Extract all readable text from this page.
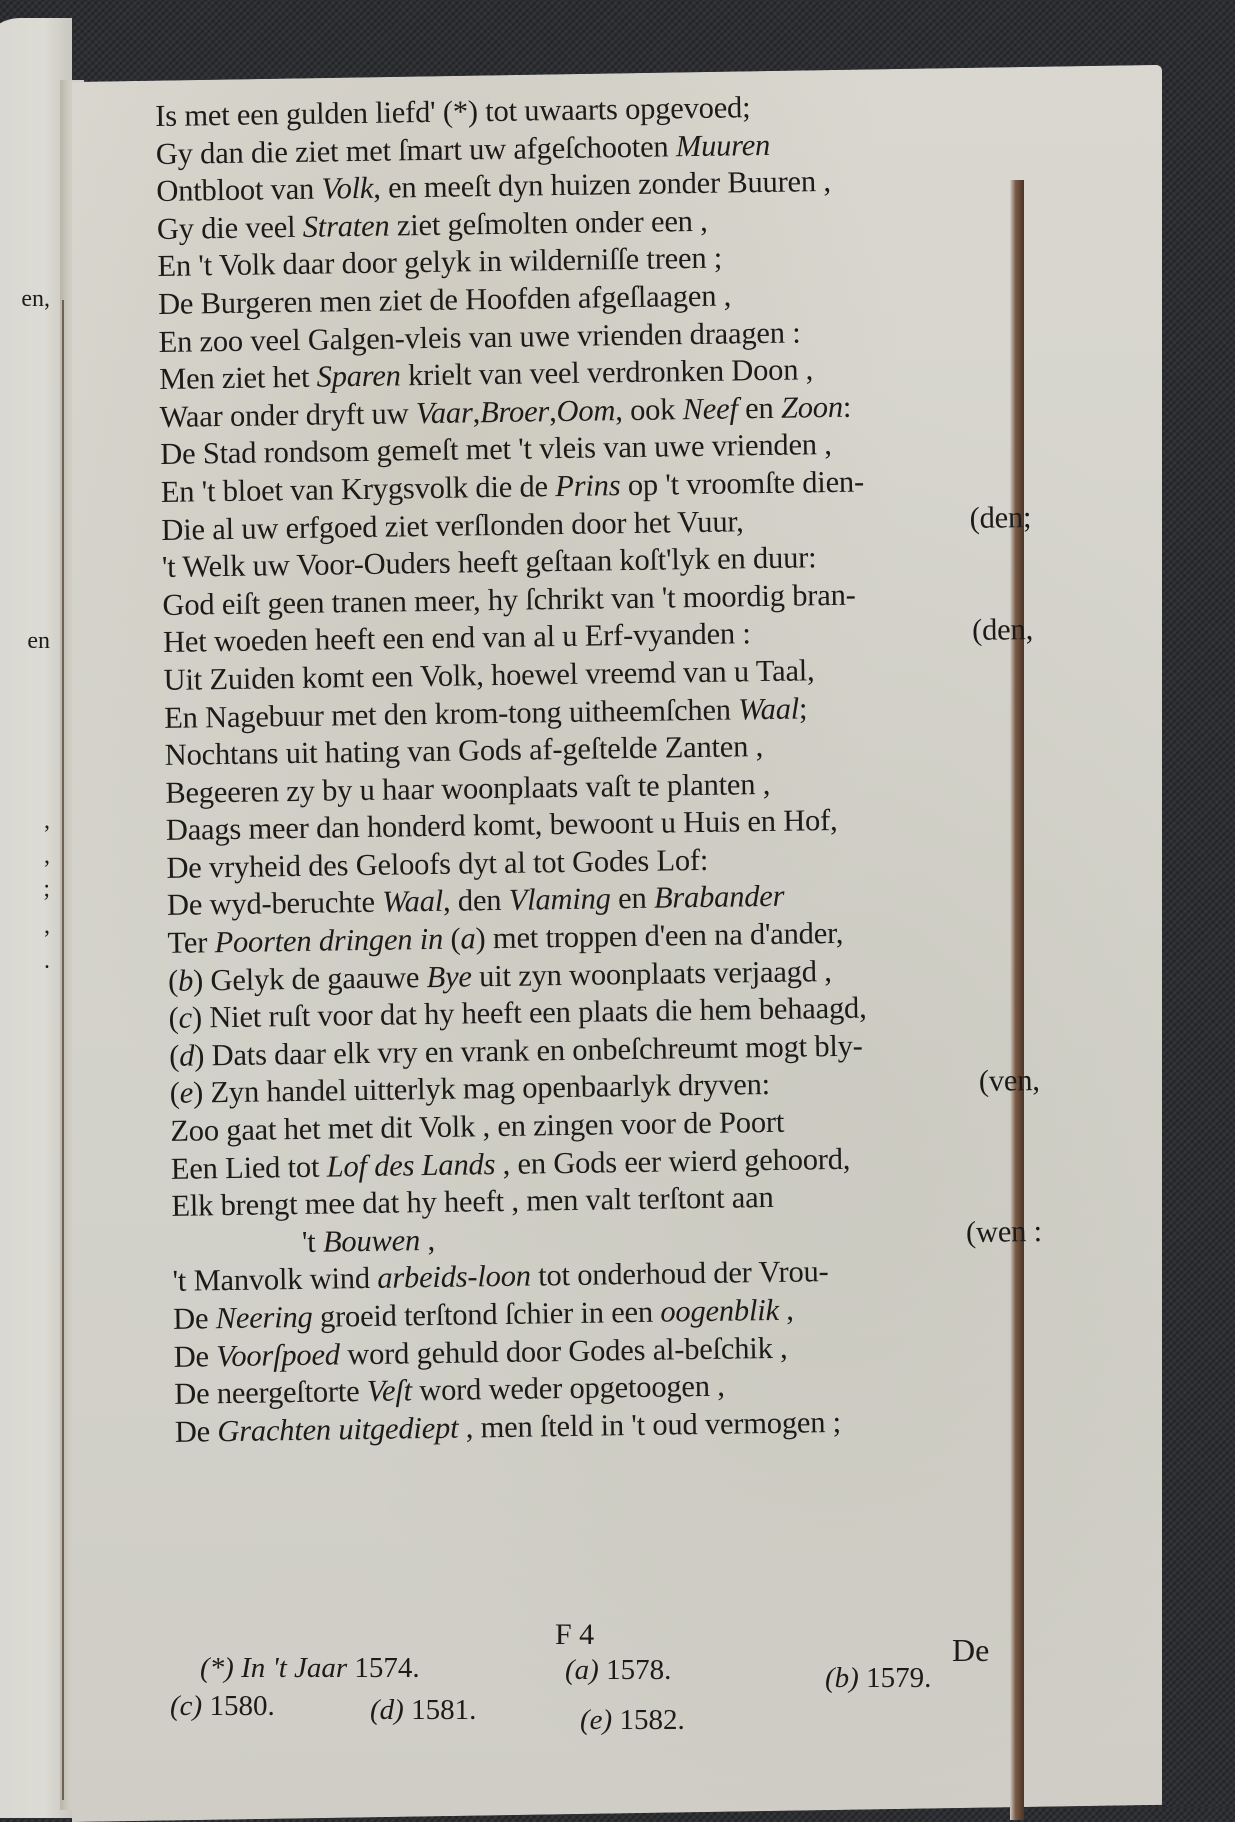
en,
en
,
,
;
,
.
Is met een gulden liefd' (*) tot uwaarts opgevoed;
Gy dan die ziet met ſmart uw afgeſchooten Muuren
Ontbloot van Volk, en meeſt dyn huizen zonder Buuren ,
Gy die veel Straten ziet geſmolten onder een ,
En 't Volk daar door gelyk in wilderniſſe treen ;
De Burgeren men ziet de Hoofden afgeſlaagen ,
En zoo veel Galgen-vleis van uwe vrienden draagen :
Men ziet het Sparen krielt van veel verdronken Doon ,
Waar onder dryft uw Vaar,Broer,Oom, ook Neef en Zoon:
De Stad rondsom gemeſt met 't vleis van uwe vrienden ,
En 't bloet van Krygsvolk die de Prins op 't vroomſte dien-
Die al uw erfgoed ziet verſlonden door het Vuur,	(den;
't Welk uw Voor-Ouders heeft geſtaan koſt'lyk en duur:
God eiſt geen tranen meer, hy ſchrikt van 't moordig bran-
Het woeden heeft een end van al u Erf-vyanden :	(den,
Uit Zuiden komt een Volk, hoewel vreemd van u Taal,
En Nagebuur met den krom-tong uitheemſchen Waal;
Nochtans uit hating van Gods af-geſtelde Zanten ,
Begeeren zy by u haar woonplaats vaſt te planten ,
Daags meer dan honderd komt, bewoont u Huis en Hof,
De vryheid des Geloofs dyt al tot Godes Lof:
De wyd-beruchte Waal, den Vlaming en Brabander
Ter Poorten dringen in (a) met troppen d'een na d'ander,
(b) Gelyk de gaauwe Bye uit zyn woonplaats verjaagd ,
(c) Niet ruſt voor dat hy heeft een plaats die hem behaagd,
(d) Dats daar elk vry en vrank en onbeſchreumt mogt bly-
(e) Zyn handel uitterlyk mag openbaarlyk dryven:	(ven,
Zoo gaat het met dit Volk , en zingen voor de Poort
Een Lied tot Lof des Lands , en Gods eer wierd gehoord,
Elk brengt mee dat hy heeft , men valt terſtont aan
't Bouwen ,	(wen :
't Manvolk wind arbeids-loon tot onderhoud der Vrou-
De Neering groeid terſtond ſchier in een oogenblik ,
De Voorſpoed word gehuld door Godes al-beſchik ,
De neergeſtorte Veſt word weder opgetoogen ,
De Grachten uitgediept , men ſteld in 't oud vermogen ;
F 4	De
(*) In 't Jaar 1574.	(a) 1578.	(b) 1579.
(c) 1580.	(d) 1581.	(e) 1582.
